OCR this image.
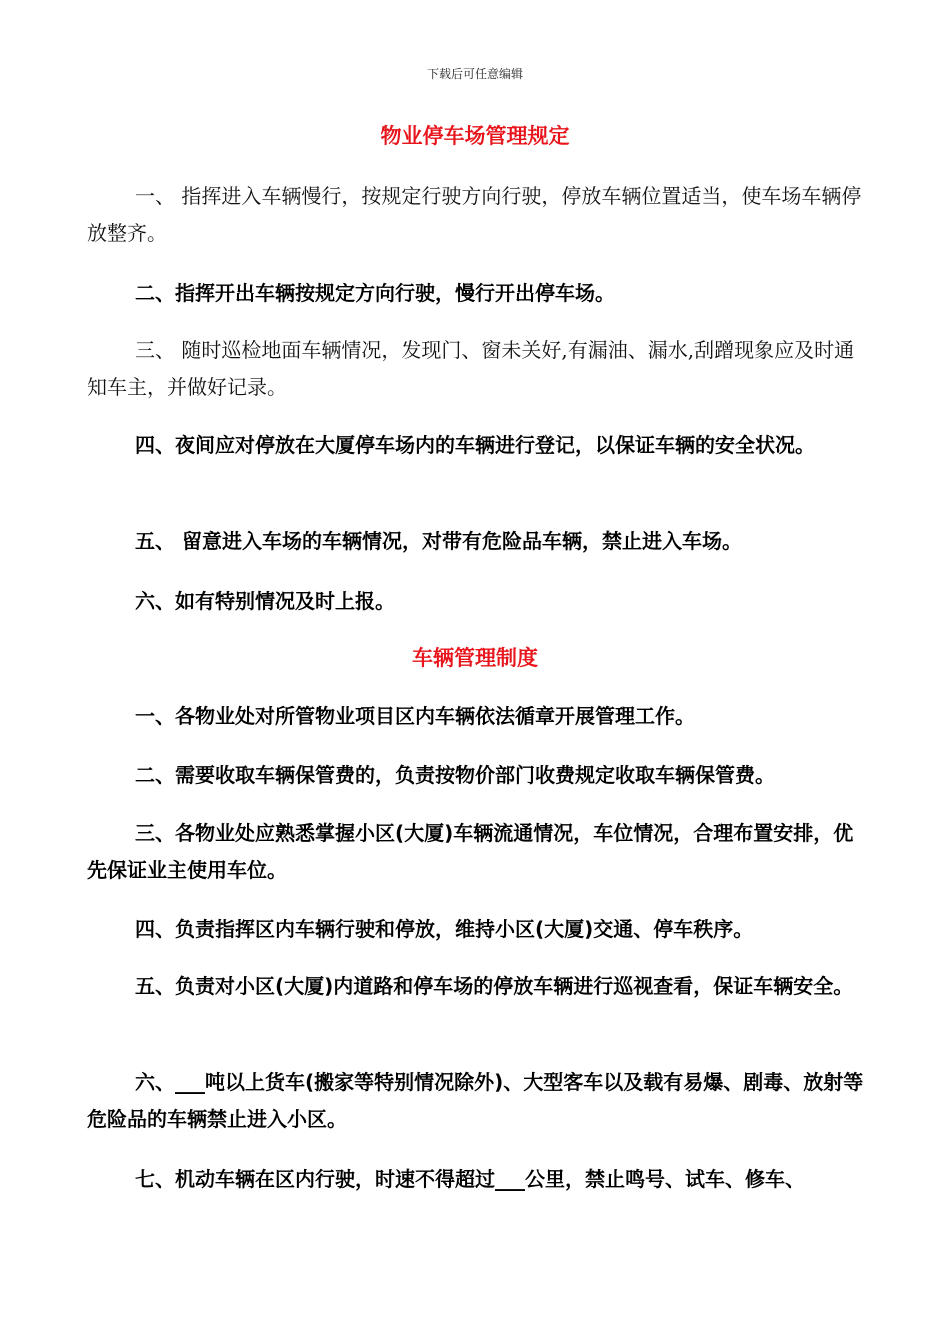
下载后可任意编辑
物业停车场管理规定

一、 指挥进入车辆慢行，按规定行驶方向行驶，停放车辆位置适当，使车场车辆停放整齐。

二、指挥开出车辆按规定方向行驶，慢行开出停车场。

三、 随时巡检地面车辆情况，发现门、窗未关好,有漏油、漏水,刮蹭现象应及时通知车主，并做好记录。

四、夜间应对停放在大厦停车场内的车辆进行登记，以保证车辆的安全状况。

五、 留意进入车场的车辆情况，对带有危险品车辆，禁止进入车场。

六、如有特别情况及时上报。

车辆管理制度

一、各物业处对所管物业项目区内车辆依法循章开展管理工作。

二、需要收取车辆保管费的，负责按物价部门收费规定收取车辆保管费。

三、各物业处应熟悉掌握小区(大厦)车辆流通情况，车位情况，合理布置安排，优先保证业主使用车位。

四、负责指挥区内车辆行驶和停放，维持小区(大厦)交通、停车秩序。

五、负责对小区(大厦)内道路和停车场的停放车辆进行巡视查看，保证车辆安全。

六、___吨以上货车(搬家等特别情况除外)、大型客车以及载有易爆、剧毒、放射等危险品的车辆禁止进入小区。

七、机动车辆在区内行驶，时速不得超过___公里，禁止鸣号、试车、修车、
